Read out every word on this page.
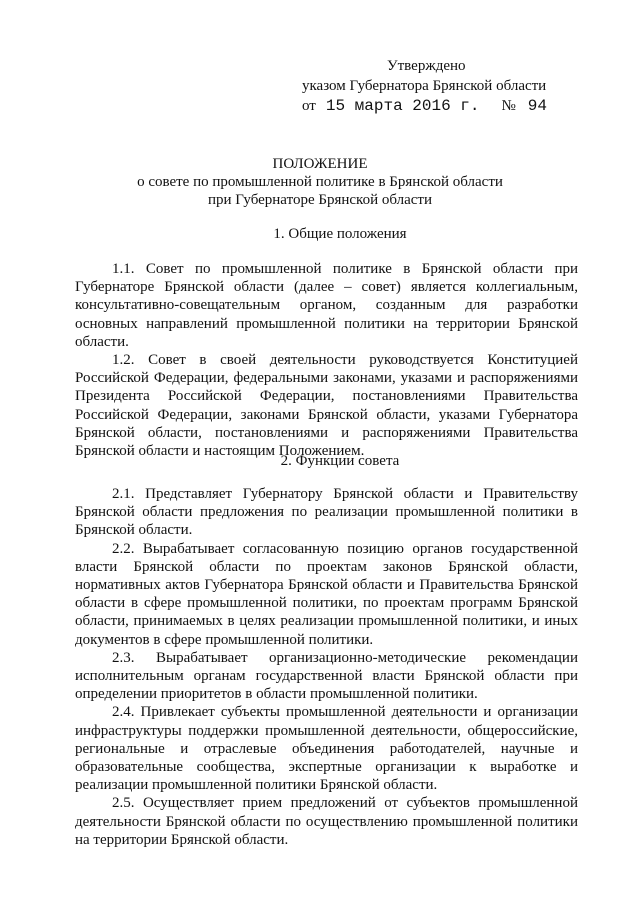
Утверждено
указом Губернатора Брянской области
от 15 марта 2016 г. № 94
ПОЛОЖЕНИЕ
о совете по промышленной политике в Брянской области
при Губернаторе Брянской области
1. Общие положения

1.1. Совет по промышленной политике в Брянской области при Губернаторе Брянской области (далее – совет) является коллегиальным, консультативно-совещательным органом, созданным для разработки основных направлений промышленной политики на территории Брянской области.

1.2. Совет в своей деятельности руководствуется Конституцией Российской Федерации, федеральными законами, указами и распоряжениями Президента Российской Федерации, постановлениями Правительства Российской Федерации, законами Брянской области, указами Губернатора Брянской области, постановлениями и распоряжениями Правительства Брянской области и настоящим Положением.

2. Функции совета

2.1. Представляет Губернатору Брянской области и Правительству Брянской области предложения по реализации промышленной политики в Брянской области.

2.2. Вырабатывает согласованную позицию органов государственной власти Брянской области по проектам законов Брянской области, нормативных актов Губернатора Брянской области и Правительства Брянской области в сфере промышленной политики, по проектам программ Брянской области, принимаемых в целях реализации промышленной политики, и иных документов в сфере промышленной политики.

2.3. Вырабатывает организационно-методические рекомендации исполнительным органам государственной власти Брянской области при определении приоритетов в области промышленной политики.

2.4. Привлекает субъекты промышленной деятельности и организации инфраструктуры поддержки промышленной деятельности, общероссийские, региональные и отраслевые объединения работодателей, научные и образовательные сообщества, экспертные организации к выработке и реализации промышленной политики Брянской области.

2.5. Осуществляет прием предложений от субъектов промышленной деятельности Брянской области по осуществлению промышленной политики на территории Брянской области.
